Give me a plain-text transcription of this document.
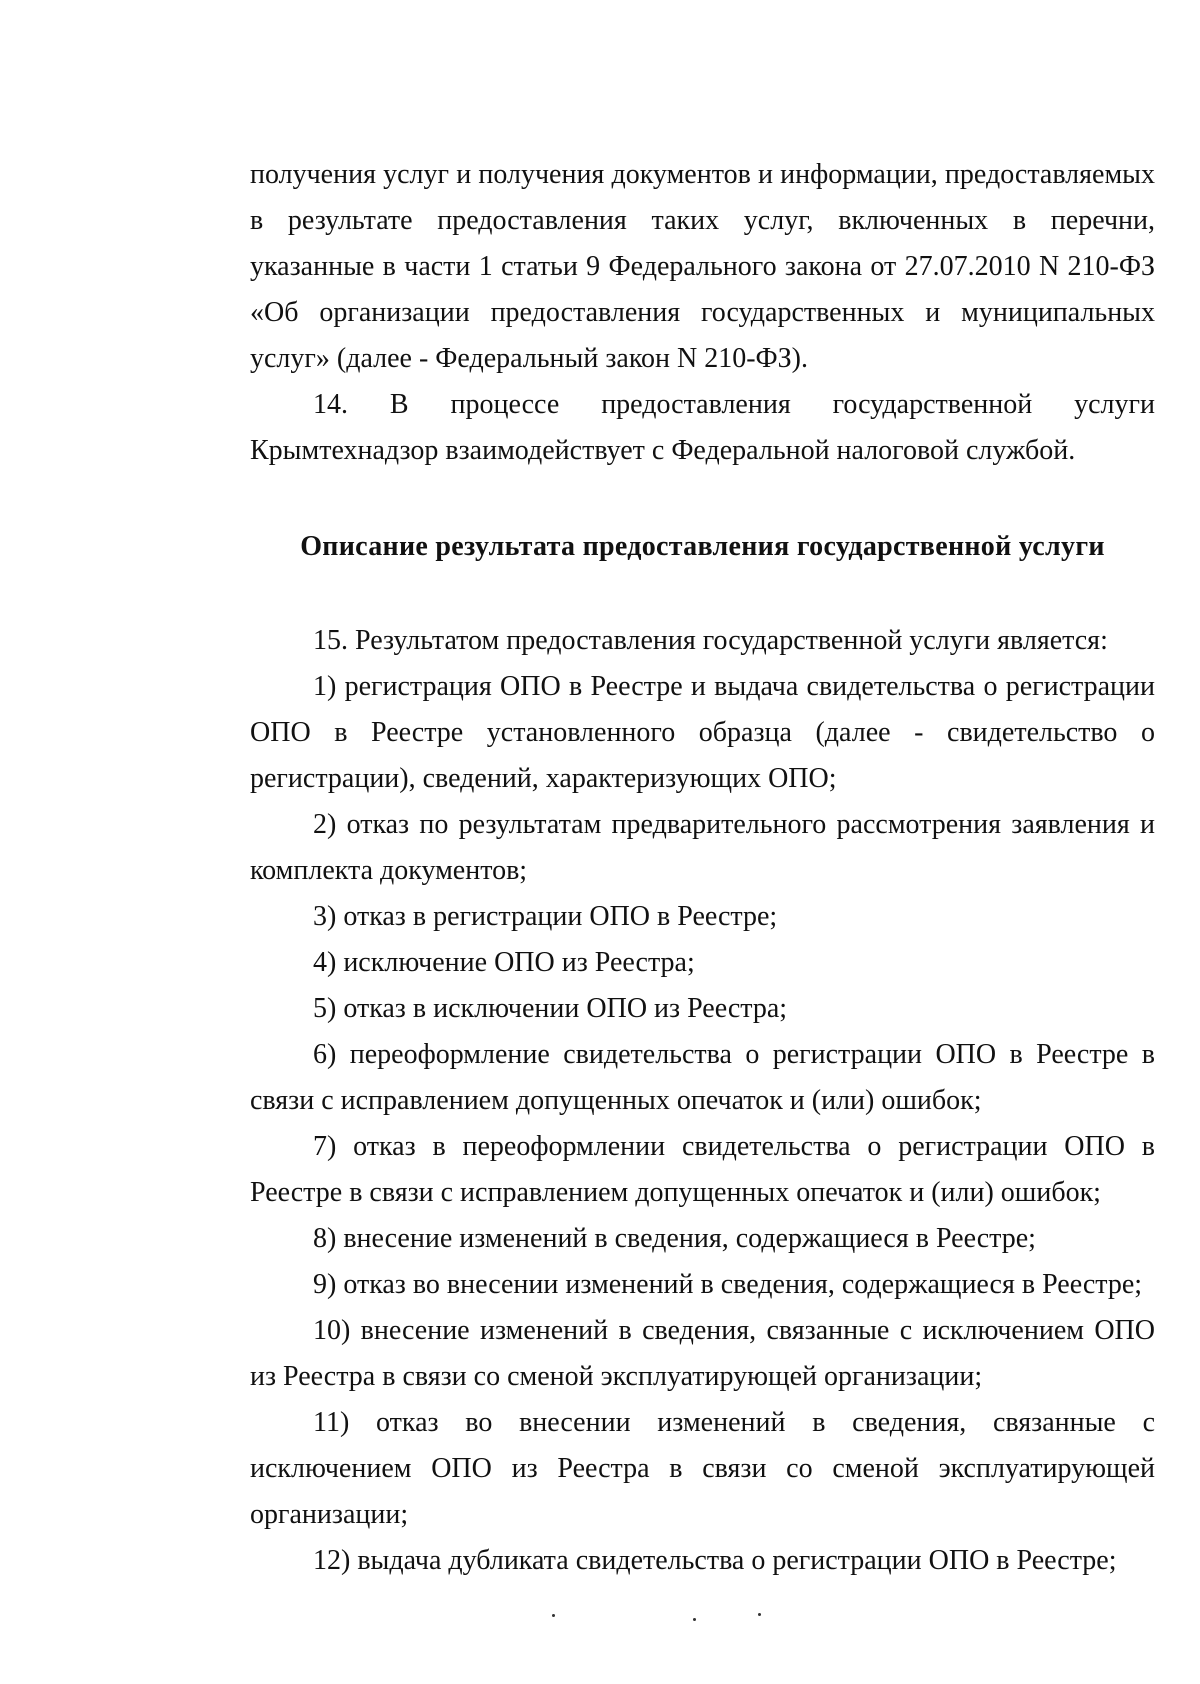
получения услуг и получения документов и информации, предоставляемых в результате предоставления таких услуг, включенных в перечни, указанные в части 1 статьи 9 Федерального закона от 27.07.2010 N 210-ФЗ «Об организации предоставления государственных и муниципальных услуг» (далее - Федеральный закон N 210-ФЗ).

14. В процессе предоставления государственной услуги Крымтехнадзор взаимодействует с Федеральной налоговой службой.

Описание результата предоставления государственной услуги

15. Результатом предоставления государственной услуги является:

1) регистрация ОПО в Реестре и выдача свидетельства о регистрации ОПО в Реестре установленного образца (далее - свидетельство о регистрации), сведений, характеризующих ОПО;

2) отказ по результатам предварительного рассмотрения заявления и комплекта документов;

3) отказ в регистрации ОПО в Реестре;

4) исключение ОПО из Реестра;

5) отказ в исключении ОПО из Реестра;

6) переоформление свидетельства о регистрации ОПО в Реестре в связи с исправлением допущенных опечаток и (или) ошибок;

7) отказ в переоформлении свидетельства о регистрации ОПО в Реестре в связи с исправлением допущенных опечаток и (или) ошибок;

8) внесение изменений в сведения, содержащиеся в Реестре;

9) отказ во внесении изменений в сведения, содержащиеся в Реестре;

10) внесение изменений в сведения, связанные с исключением ОПО из Реестра в связи со сменой эксплуатирующей организации;

11) отказ во внесении изменений в сведения, связанные с исключением ОПО из Реестра в связи со сменой эксплуатирующей организации;

12) выдача дубликата свидетельства о регистрации ОПО в Реестре;
